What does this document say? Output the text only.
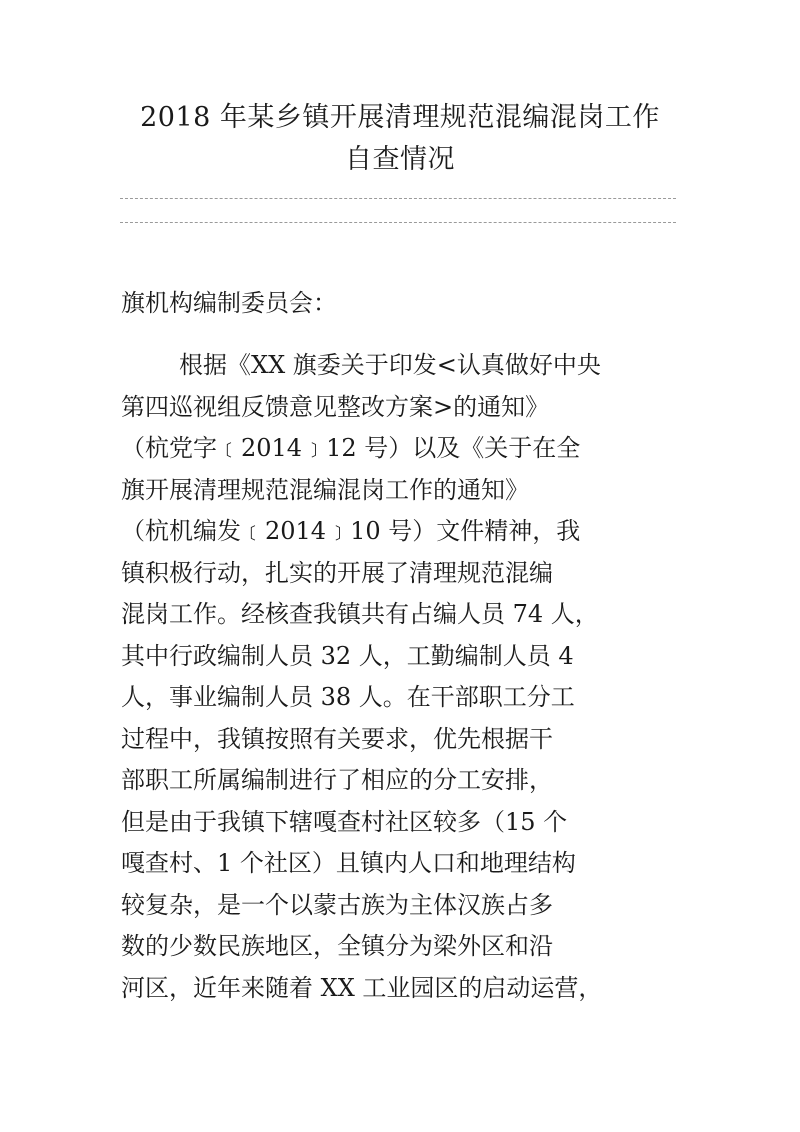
2018 年某乡镇开展清理规范混编混岗工作
自查情况
旗机构编制委员会：
根据《XX 旗委关于印发<认真做好中央
第四巡视组反馈意见整改方案>的通知》
（杭党字﹝2014﹞12 号）以及《关于在全
旗开展清理规范混编混岗工作的通知》
（杭机编发﹝2014﹞10 号）文件精神，我
镇积极行动，扎实的开展了清理规范混编
混岗工作。经核查我镇共有占编人员 74 人，
其中行政编制人员 32 人，工勤编制人员 4
人，事业编制人员 38 人。在干部职工分工
过程中，我镇按照有关要求，优先根据干
部职工所属编制进行了相应的分工安排，
但是由于我镇下辖嘎查村社区较多（15 个
嘎查村、1 个社区）且镇内人口和地理结构
较复杂，是一个以蒙古族为主体汉族占多
数的少数民族地区，全镇分为梁外区和沿
河区，近年来随着 XX 工业园区的启动运营，
